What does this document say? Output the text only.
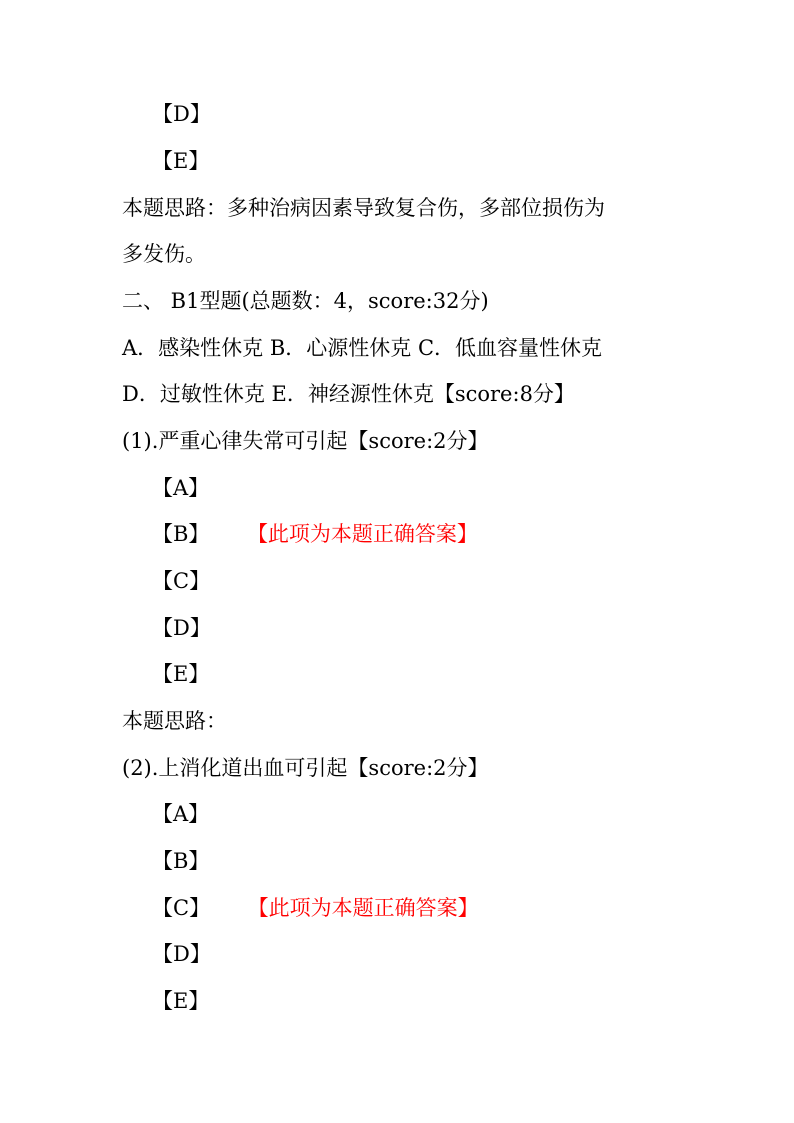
【D】
【E】
本题思路：多种治病因素导致复合伤，多部位损伤为
多发伤。
二、 B1型题(总题数：4，score:32分)
A．感染性休克 B．心源性休克 C．低血容量性休克
D．过敏性休克 E．神经源性休克【score:8分】
(1).严重心律失常可引起【score:2分】
【A】
【B】 【此项为本题正确答案】
【C】
【D】
【E】
本题思路：
(2).上消化道出血可引起【score:2分】
【A】
【B】
【C】 【此项为本题正确答案】
【D】
【E】
